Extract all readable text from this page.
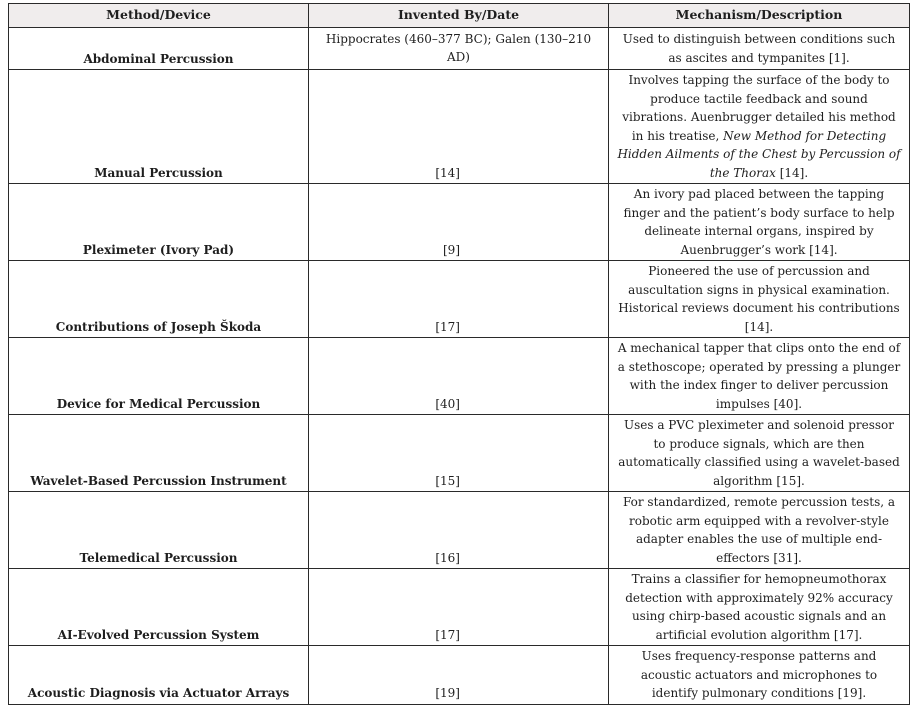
Method/Device	Invented By/Date	Mechanism/Description
Abdominal Percussion	Hippocrates (460–377 BC); Galen (130–210 AD)	Used to distinguish between conditions such as ascites and tympanites [1].
Manual Percussion	[14]	Involves tapping the surface of the body to produce tactile feedback and sound vibrations. Auenbrugger detailed his method in his treatise, New Method for Detecting Hidden Ailments of the Chest by Percussion of the Thorax [14].
Pleximeter (Ivory Pad)	[9]	An ivory pad placed between the tapping finger and the patient’s body surface to help delineate internal organs, inspired by Auenbrugger’s work [14].
Contributions of Joseph Škoda	[17]	Pioneered the use of percussion and auscultation signs in physical examination. Historical reviews document his contributions [14].
Device for Medical Percussion	[40]	A mechanical tapper that clips onto the end of a stethoscope; operated by pressing a plunger with the index finger to deliver percussion impulses [40].
Wavelet-Based Percussion Instrument	[15]	Uses a PVC pleximeter and solenoid pressor to produce signals, which are then automatically classified using a wavelet-based algorithm [15].
Telemedical Percussion	[16]	For standardized, remote percussion tests, a robotic arm equipped with a revolver-style adapter enables the use of multiple end-effectors [31].
AI-Evolved Percussion System	[17]	Trains a classifier for hemopneumothorax detection with approximately 92% accuracy using chirp-based acoustic signals and an artificial evolution algorithm [17].
Acoustic Diagnosis via Actuator Arrays	[19]	Uses frequency-response patterns and acoustic actuators and microphones to identify pulmonary conditions [19].
